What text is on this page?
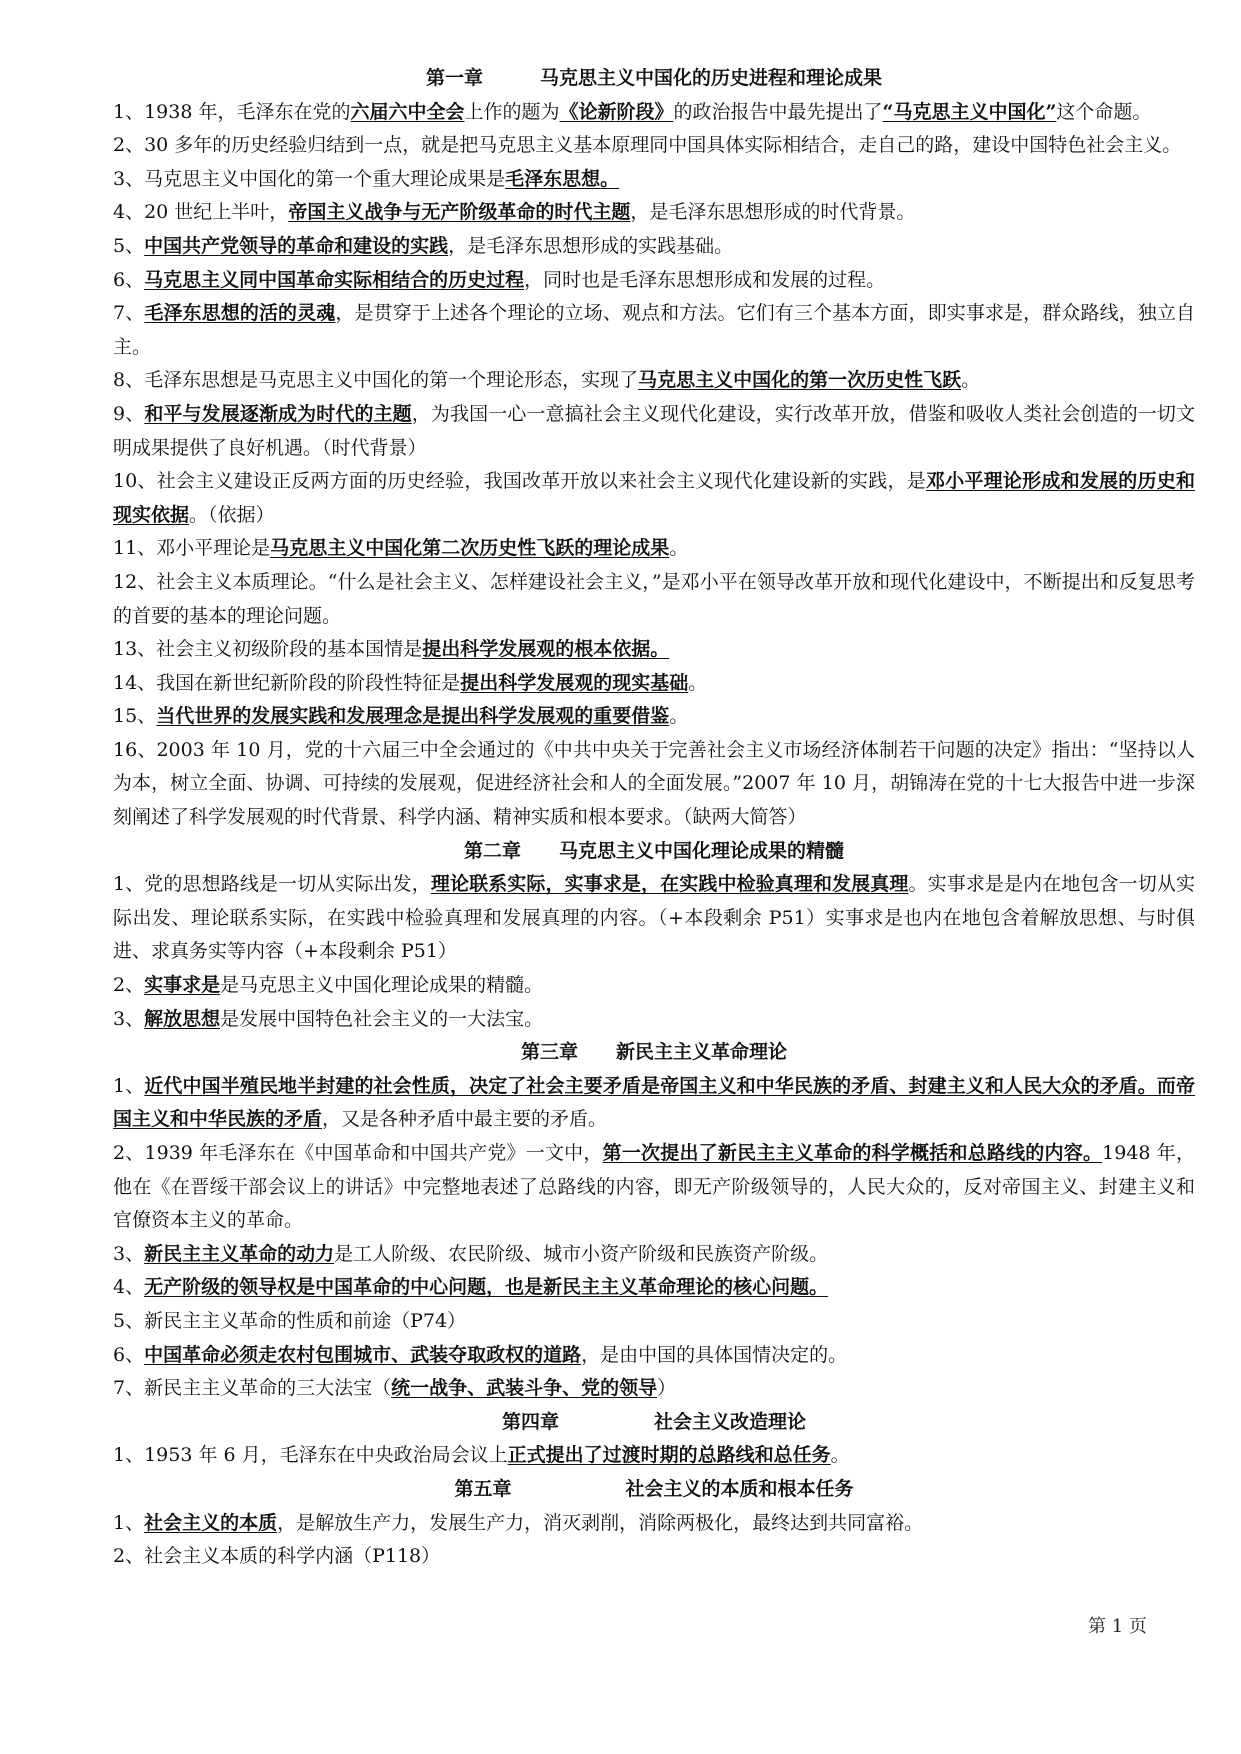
第一章　　　马克思主义中国化的历史进程和理论成果

1、1938 年，毛泽东在党的六届六中全会上作的题为《论新阶段》的政治报告中最先提出了“马克思主义中国化”这个命题。

2、30 多年的历史经验归结到一点，就是把马克思主义基本原理同中国具体实际相结合，走自己的路，建设中国特色社会主义。

3、马克思主义中国化的第一个重大理论成果是毛泽东思想。

4、20 世纪上半叶，帝国主义战争与无产阶级革命的时代主题，是毛泽东思想形成的时代背景。

5、中国共产党领导的革命和建设的实践，是毛泽东思想形成的实践基础。

6、马克思主义同中国革命实际相结合的历史过程，同时也是毛泽东思想形成和发展的过程。

7、毛泽东思想的活的灵魂，是贯穿于上述各个理论的立场、观点和方法。它们有三个基本方面，即实事求是，群众路线，独立自主。

8、毛泽东思想是马克思主义中国化的第一个理论形态，实现了马克思主义中国化的第一次历史性飞跃。

9、和平与发展逐渐成为时代的主题，为我国一心一意搞社会主义现代化建设，实行改革开放，借鉴和吸收人类社会创造的一切文明成果提供了良好机遇。（时代背景）

10、社会主义建设正反两方面的历史经验，我国改革开放以来社会主义现代化建设新的实践，是邓小平理论形成和发展的历史和现实依据。（依据）

11、邓小平理论是马克思主义中国化第二次历史性飞跃的理论成果。

12、社会主义本质理论。“什么是社会主义、怎样建设社会主义，”是邓小平在领导改革开放和现代化建设中，不断提出和反复思考的首要的基本的理论问题。

13、社会主义初级阶段的基本国情是提出科学发展观的根本依据。

14、我国在新世纪新阶段的阶段性特征是提出科学发展观的现实基础。

15、当代世界的发展实践和发展理念是提出科学发展观的重要借鉴。

16、2003 年 10 月，党的十六届三中全会通过的《中共中央关于完善社会主义市场经济体制若干问题的决定》指出：“坚持以人为本，树立全面、协调、可持续的发展观，促进经济社会和人的全面发展。”2007 年 10 月，胡锦涛在党的十七大报告中进一步深刻阐述了科学发展观的时代背景、科学内涵、精神实质和根本要求。（缺两大简答）

第二章　　马克思主义中国化理论成果的精髓

1、党的思想路线是一切从实际出发，理论联系实际，实事求是，在实践中检验真理和发展真理。实事求是是内在地包含一切从实际出发、理论联系实际，在实践中检验真理和发展真理的内容。（+本段剩余 P51）实事求是也内在地包含着解放思想、与时俱进、求真务实等内容（+本段剩余 P51）

2、实事求是是马克思主义中国化理论成果的精髓。

3、解放思想是发展中国特色社会主义的一大法宝。

第三章　　新民主主义革命理论

1、近代中国半殖民地半封建的社会性质，决定了社会主要矛盾是帝国主义和中华民族的矛盾、封建主义和人民大众的矛盾。而帝国主义和中华民族的矛盾，又是各种矛盾中最主要的矛盾。

2、1939 年毛泽东在《中国革命和中国共产党》一文中，第一次提出了新民主主义革命的科学概括和总路线的内容。1948 年，他在《在晋绥干部会议上的讲话》中完整地表述了总路线的内容，即无产阶级领导的，人民大众的，反对帝国主义、封建主义和官僚资本主义的革命。

3、新民主主义革命的动力是工人阶级、农民阶级、城市小资产阶级和民族资产阶级。

4、无产阶级的领导权是中国革命的中心问题，也是新民主主义革命理论的核心问题。

5、新民主主义革命的性质和前途（P74）

6、中国革命必须走农村包围城市、武装夺取政权的道路，是由中国的具体国情决定的。

7、新民主主义革命的三大法宝（统一战争、武装斗争、党的领导）

第四章　　　　　社会主义改造理论

1、1953 年 6 月，毛泽东在中央政治局会议上正式提出了过渡时期的总路线和总任务。

第五章　　　　　　社会主义的本质和根本任务

1、社会主义的本质，是解放生产力，发展生产力，消灭剥削，消除两极化，最终达到共同富裕。

2、社会主义本质的科学内涵（P118）

第 1 页
